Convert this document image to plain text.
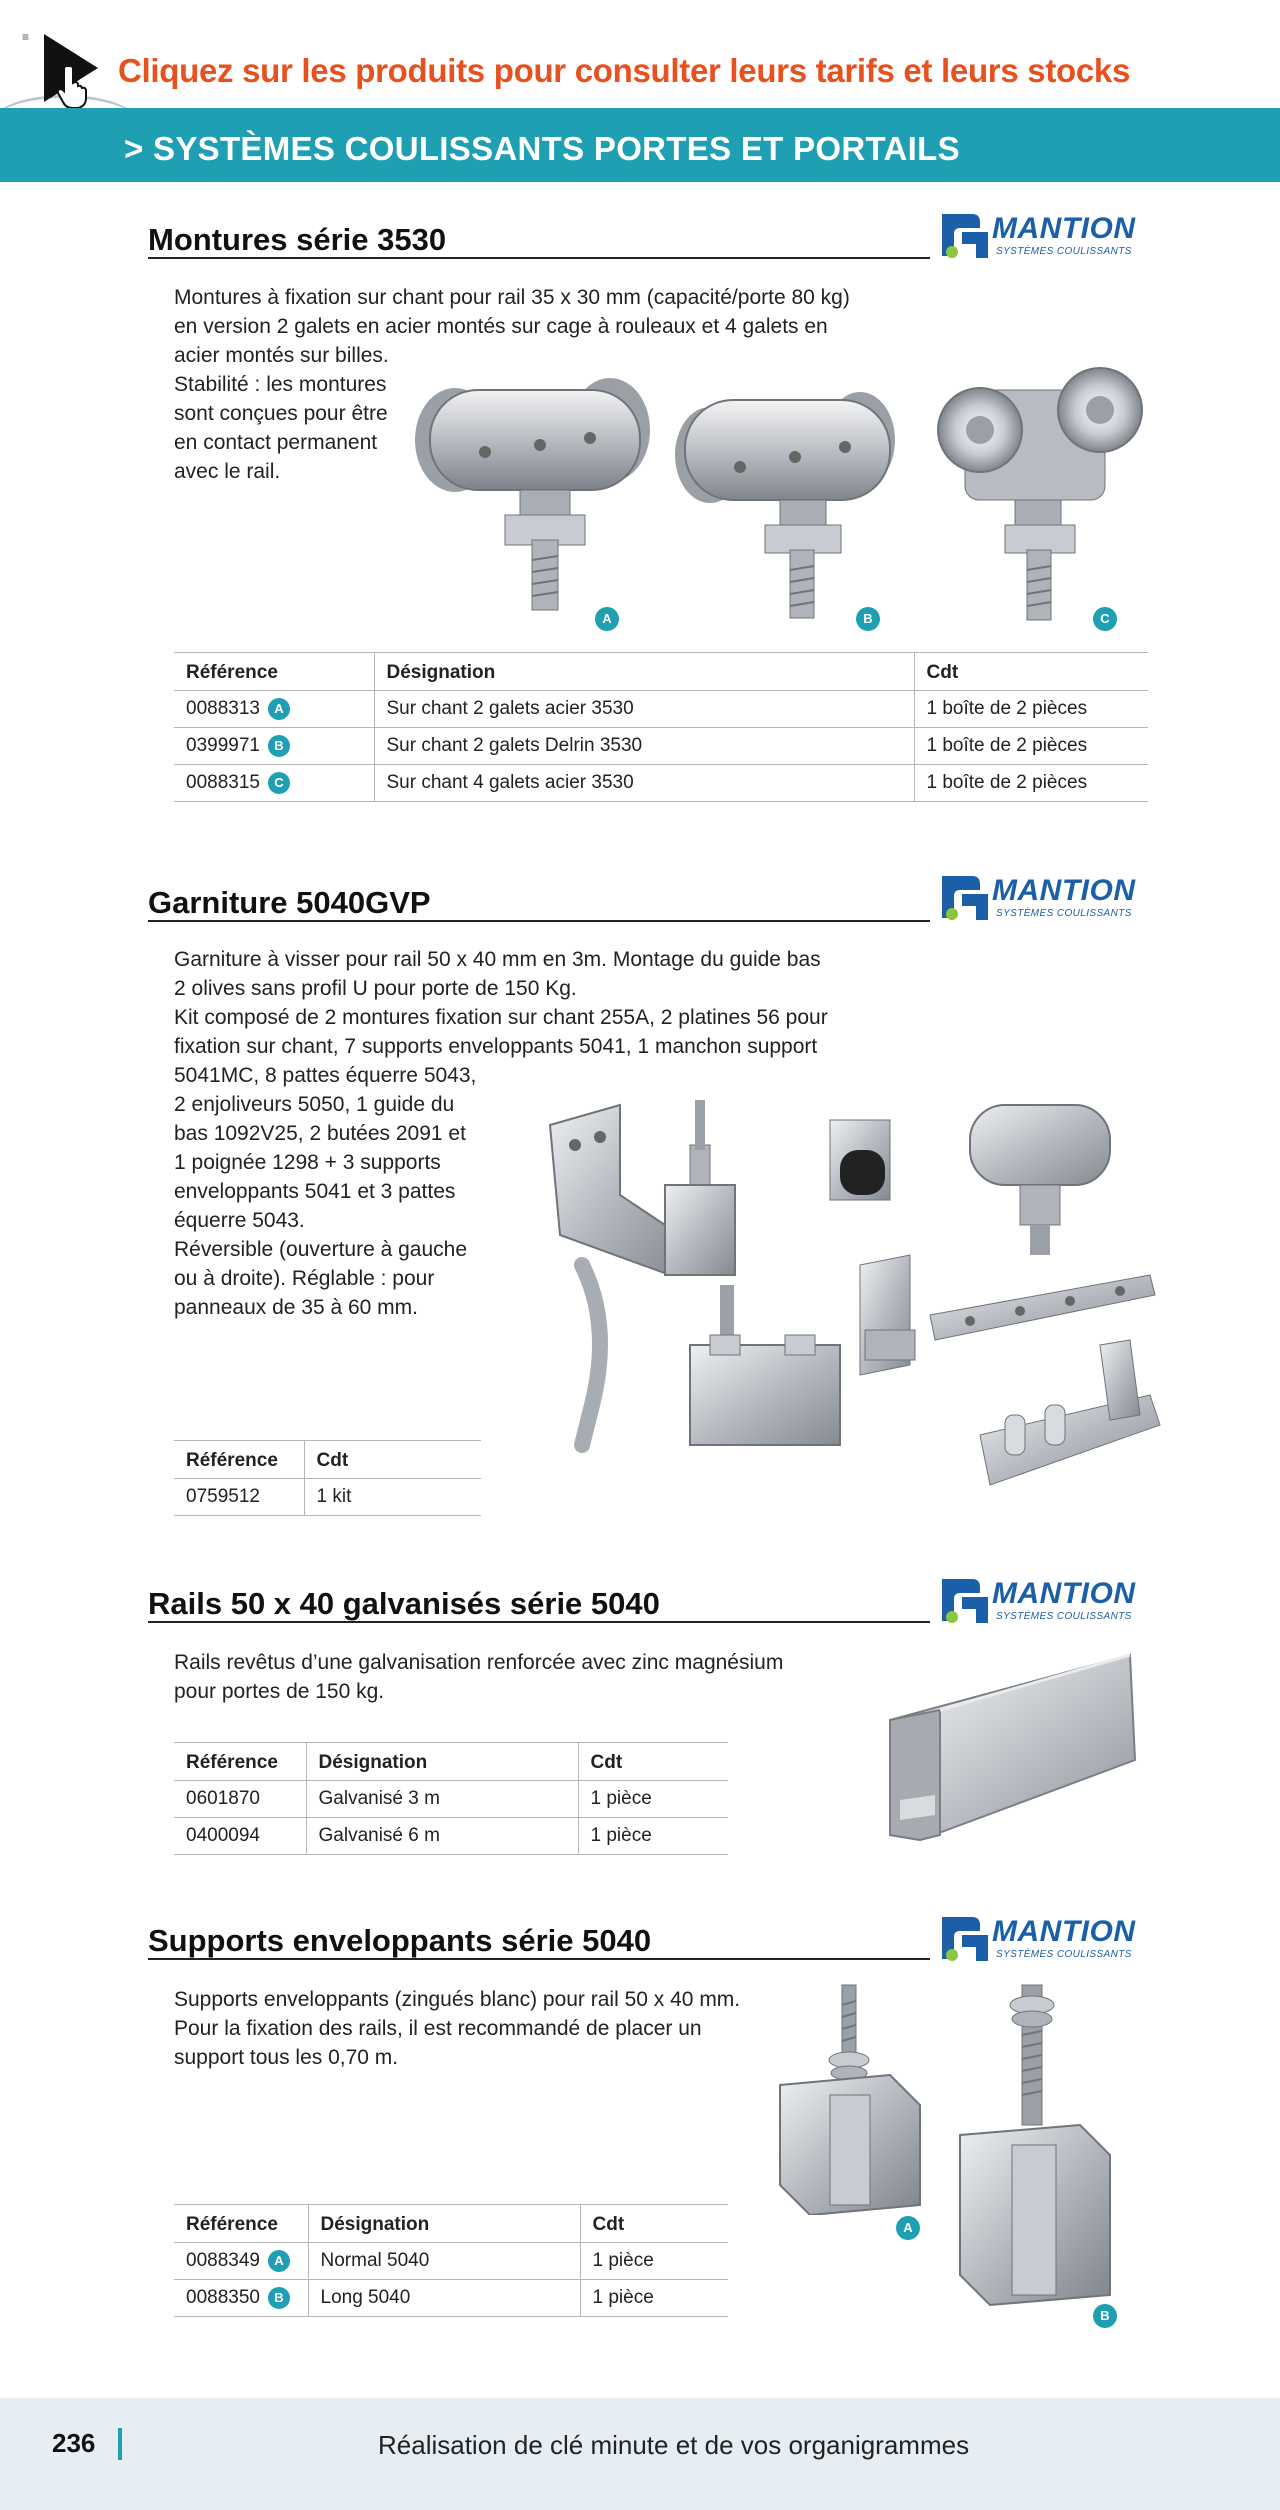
≡
Cliquez sur les produits pour consulter leurs tarifs et leurs stocks
> SYSTÈMES COULISSANTS PORTES ET PORTAILS
Montures série 3530	MANTION
SYSTÈMES COULISSANTS

Montures à fixation sur chant pour rail 35 x 30 mm (capacité/porte 80 kg)

en version 2 galets en acier montés sur cage à rouleaux et 4 galets en

acier montés sur billes.

Stabilité : les montures

sont conçues pour être

en contact permanent

avec le rail.

A	B	C
Référence	Désignation	Cdt
0088313 A	Sur chant 2 galets acier 3530	1 boîte de 2 pièces
0399971 B	Sur chant 2 galets Delrin 3530	1 boîte de 2 pièces
0088315 C	Sur chant 4 galets acier 3530	1 boîte de 2 pièces
Garniture 5040GVP	MANTION
SYSTÈMES COULISSANTS

Garniture à visser pour rail 50 x 40 mm en 3m. Montage du guide bas

2 olives sans profil U pour porte de 150 Kg.

Kit composé de 2 montures fixation sur chant 255A, 2 platines 56 pour

fixation sur chant, 7 supports enveloppants 5041, 1 manchon support

5041MC, 8 pattes équerre 5043,

2 enjoliveurs 5050, 1 guide du

bas 1092V25, 2 butées 2091 et

1 poignée 1298 + 3 supports

enveloppants 5041 et 3 pattes

équerre 5043.

Réversible (ouverture à gauche

ou à droite). Réglable : pour

panneaux de 35 à 60 mm.

Référence	Cdt
0759512	1 kit
Rails 50 x 40 galvanisés série 5040	MANTION
SYSTÈMES COULISSANTS

Rails revêtus d’une galvanisation renforcée avec zinc magnésium

pour portes de 150 kg.

Référence	Désignation	Cdt
0601870	Galvanisé 3 m	1 pièce
0400094	Galvanisé 6 m	1 pièce
Supports enveloppants série 5040	MANTION
SYSTÈMES COULISSANTS

Supports enveloppants (zingués blanc) pour rail 50 x 40 mm.

Pour la fixation des rails, il est recommandé de placer un

support tous les 0,70 m.

A
B
Référence	Désignation	Cdt
0088349 A	Normal 5040	1 pièce
0088350 B	Long 5040	1 pièce
236	Réalisation de clé minute et de vos organigrammes
